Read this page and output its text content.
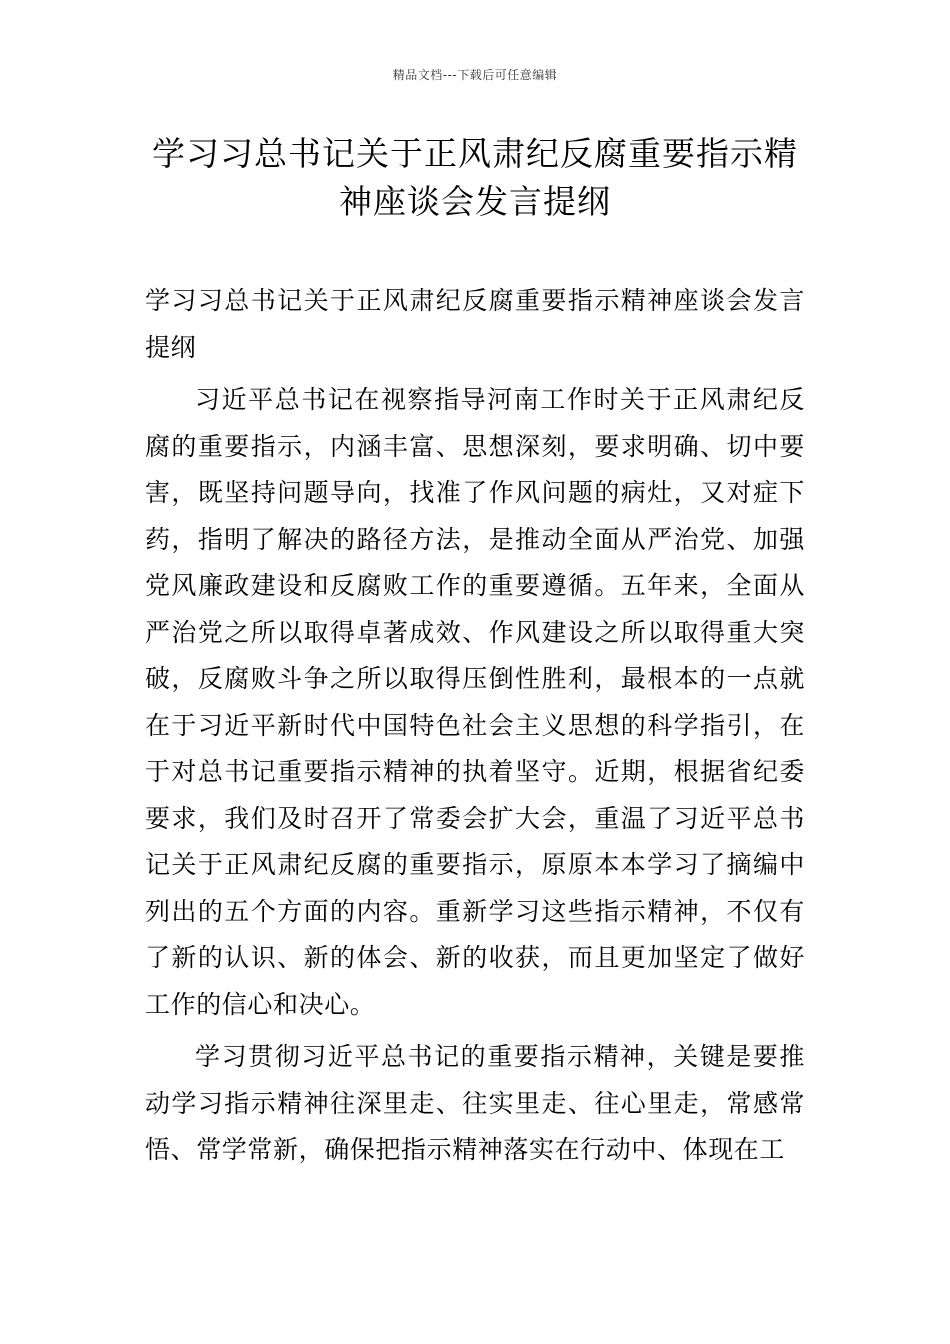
精品文档---下载后可任意编辑
学习习总书记关于正风肃纪反腐重要指示精神座谈会发言提纲

学习习总书记关于正风肃纪反腐重要指示精神座谈会发言提纲

习近平总书记在视察指导河南工作时关于正风肃纪反腐的重要指示，内涵丰富、思想深刻，要求明确、切中要害，既坚持问题导向，找准了作风问题的病灶，又对症下药，指明了解决的路径方法，是推动全面从严治党、加强党风廉政建设和反腐败工作的重要遵循。五年来，全面从严治党之所以取得卓著成效、作风建设之所以取得重大突破，反腐败斗争之所以取得压倒性胜利，最根本的一点就在于习近平新时代中国特色社会主义思想的科学指引，在于对总书记重要指示精神的执着坚守。近期，根据省纪委要求，我们及时召开了常委会扩大会，重温了习近平总书记关于正风肃纪反腐的重要指示，原原本本学习了摘编中列出的五个方面的内容。重新学习这些指示精神，不仅有了新的认识、新的体会、新的收获，而且更加坚定了做好工作的信心和决心。

学习贯彻习近平总书记的重要指示精神，关键是要推动学习指示精神往深里走、往实里走、往心里走，常感常悟、常学常新，确保把指示精神落实在行动中、体现在工
